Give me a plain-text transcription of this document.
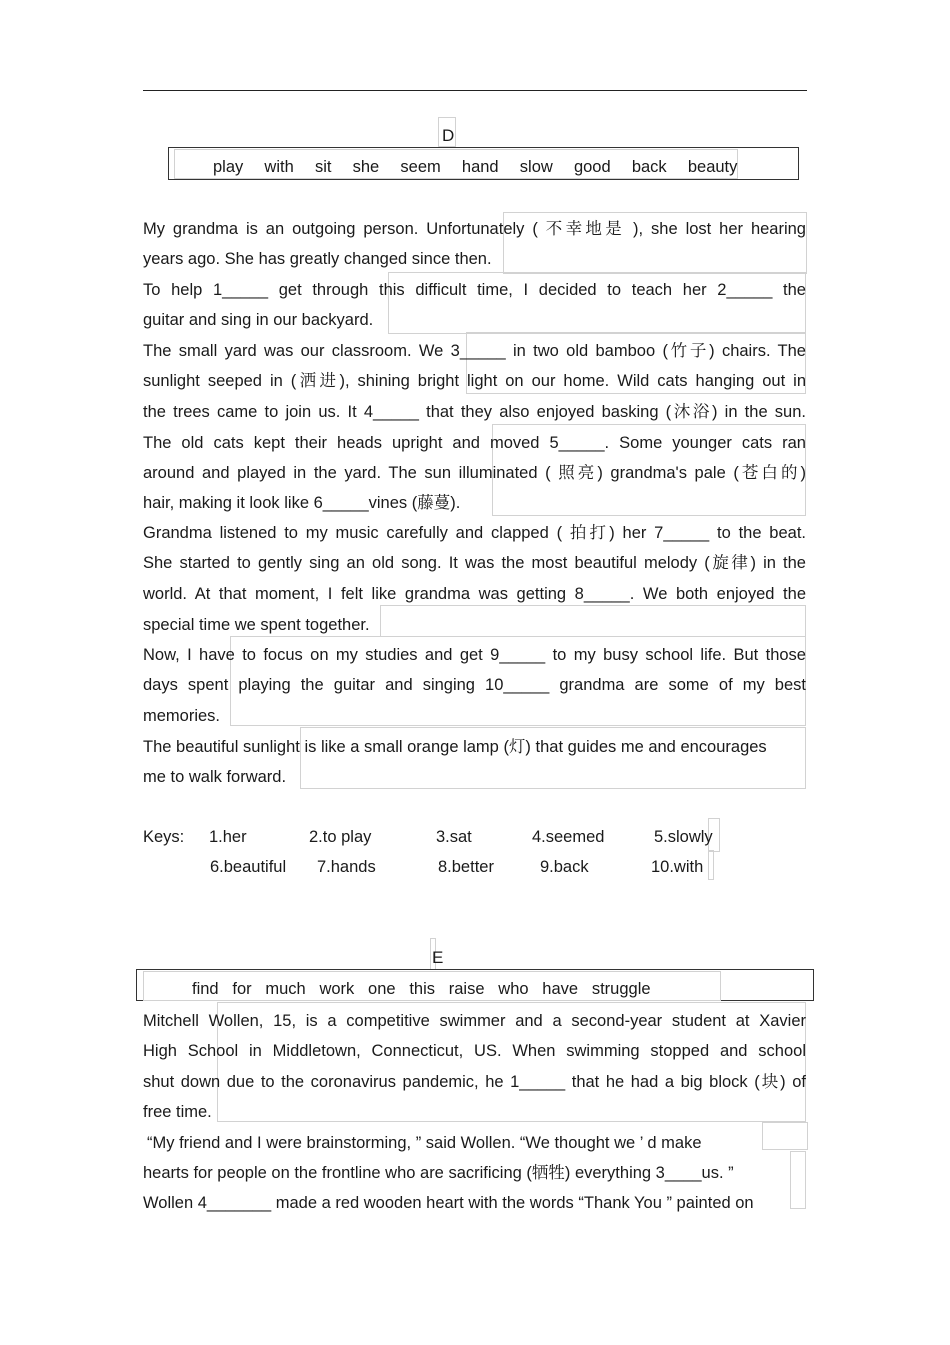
D
play  with  sit  she  seem  hand  slow  good  back  beauty
My grandma is an outgoing person. Unfortunately ( 不幸地是 ), she lost her hearing
years ago. She has greatly changed since then.
To help 1_____ get through this difficult time, I decided to teach her 2_____ the
guitar and sing in our backyard.
The small yard was our classroom. We 3_____ in two old bamboo (竹子) chairs. The
sunlight seeped in (洒进), shining bright light on our home. Wild cats hanging out in
the trees came to join us. It 4_____ that they also enjoyed basking (沐浴) in the sun.
The old cats kept their heads upright and moved 5_____. Some younger cats ran
around and played in the yard. The sun illuminated ( 照亮) grandma's pale (苍白的)
hair, making it look like 6_____vines (藤蔓).
Grandma listened to my music carefully and clapped ( 拍打) her 7_____ to the beat.
She started to gently sing an old song. It was the most beautiful melody (旋律) in the
world. At that moment, I felt like grandma was getting 8_____. We both enjoyed the
special time we spent together.
Now, I have to focus on my studies and get 9_____ to my busy school life. But those
days spent playing the guitar and singing 10_____ grandma are some of my best
memories.
The beautiful sunlight is like a small orange lamp (灯) that guides me and encourages
me to walk forward.
Keys: 1.her	2.to play	3.sat	4.seemed	5.slowly
6.beautiful 7.hands	8.better	9.back	10.with
E
find   for   much   work   one   this   raise   who   have   struggle
Mitchell Wollen, 15, is a competitive swimmer and a second-year student at Xavier
High School in Middletown, Connecticut, US. When swimming stopped and school
shut down due to the coronavirus pandemic, he 1_____ that he had a big block (块) of
free time.
“My friend and I were brainstorming, ” said Wollen. “We thought we ’ d make
hearts for people on the frontline who are sacrificing (牺牲) everything 3____us. ”
Wollen 4_______ made a red wooden heart with the words “Thank You ” painted on
